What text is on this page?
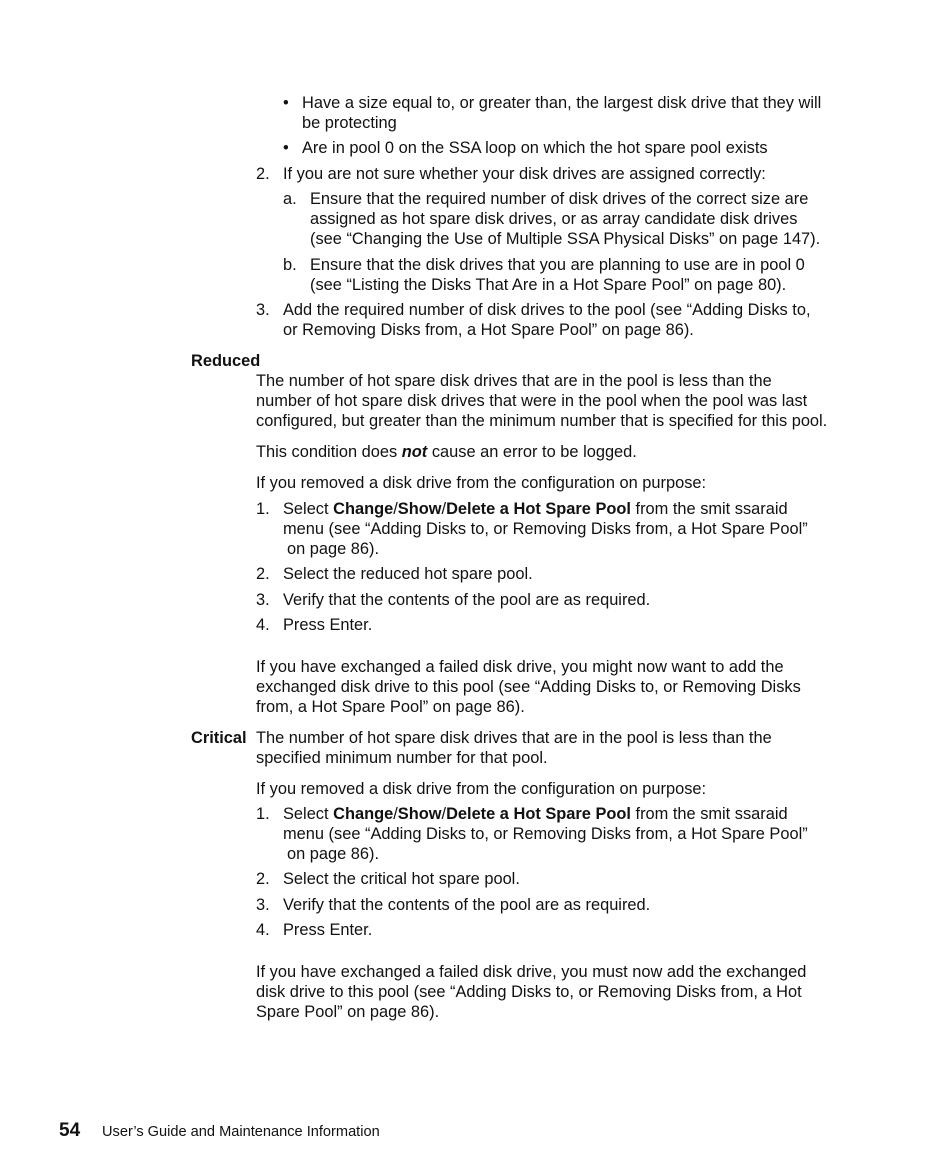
• Have a size equal to, or greater than, the largest disk drive that they will
be protecting
• Are in pool 0 on the SSA loop on which the hot spare pool exists
2. If you are not sure whether your disk drives are assigned correctly:
a. Ensure that the required number of disk drives of the correct size are
assigned as hot spare disk drives, or as array candidate disk drives
(see “Changing the Use of Multiple SSA Physical Disks” on page 147).
b. Ensure that the disk drives that you are planning to use are in pool 0
(see “Listing the Disks That Are in a Hot Spare Pool” on page 80).
3. Add the required number of disk drives to the pool (see “Adding Disks to,
or Removing Disks from, a Hot Spare Pool” on page 86).
Reduced
The number of hot spare disk drives that are in the pool is less than the
number of hot spare disk drives that were in the pool when the pool was last
configured, but greater than the minimum number that is specified for this pool.
This condition does not cause an error to be logged.
If you removed a disk drive from the configuration on purpose:
1. Select Change/Show/Delete a Hot Spare Pool from the smit ssaraid
menu (see “Adding Disks to, or Removing Disks from, a Hot Spare Pool”
on page 86).
2. Select the reduced hot spare pool.
3. Verify that the contents of the pool are as required.
4. Press Enter.
If you have exchanged a failed disk drive, you might now want to add the
exchanged disk drive to this pool (see “Adding Disks to, or Removing Disks
from, a Hot Spare Pool” on page 86).
Critical The number of hot spare disk drives that are in the pool is less than the
specified minimum number for that pool.
If you removed a disk drive from the configuration on purpose:
1. Select Change/Show/Delete a Hot Spare Pool from the smit ssaraid
menu (see “Adding Disks to, or Removing Disks from, a Hot Spare Pool”
on page 86).
2. Select the critical hot spare pool.
3. Verify that the contents of the pool are as required.
4. Press Enter.
If you have exchanged a failed disk drive, you must now add the exchanged
disk drive to this pool (see “Adding Disks to, or Removing Disks from, a Hot
Spare Pool” on page 86).
54 User’s Guide and Maintenance Information
